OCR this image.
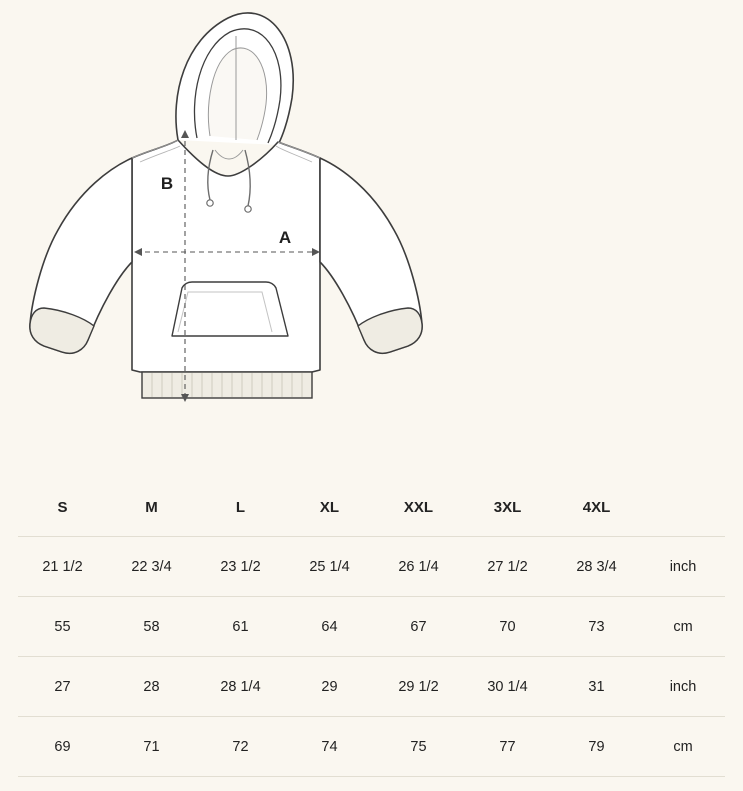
A
B
S	M	L	XL	XXL	3XL	4XL	
21 1/2	22 3/4	23 1/2	25 1/4	26 1/4	27 1/2	28 3/4	inch
55	58	61	64	67	70	73	cm
27	28	28 1/4	29	29 1/2	30 1/4	31	inch
69	71	72	74	75	77	79	cm
